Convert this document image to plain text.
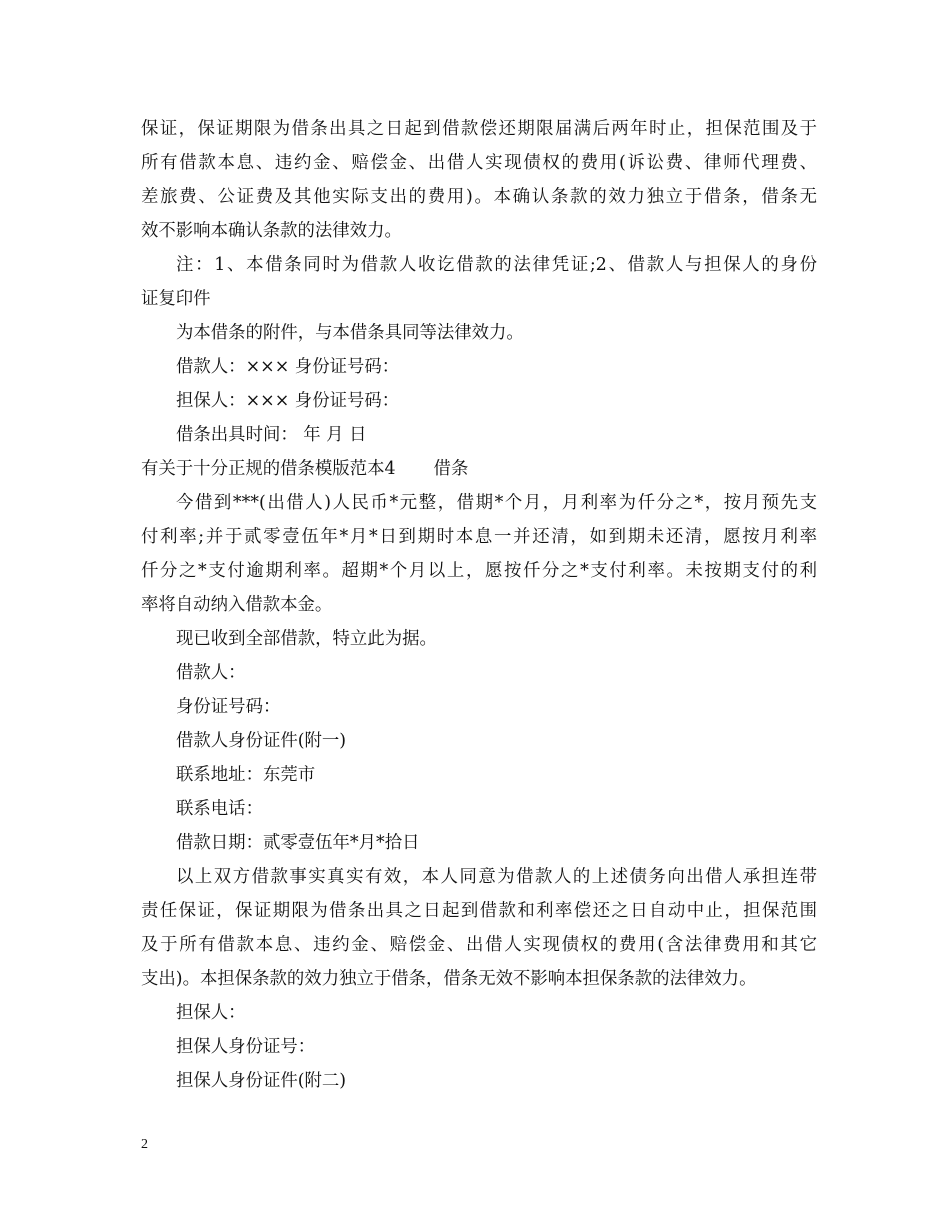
保证，保证期限为借条出具之日起到借款偿还期限届满后两年时止，担保范围及于
所有借款本息、违约金、赔偿金、出借人实现债权的费用(诉讼费、律师代理费、
差旅费、公证费及其他实际支出的费用)。本确认条款的效力独立于借条，借条无
效不影响本确认条款的法律效力。
注：1、本借条同时为借款人收讫借款的法律凭证;2、借款人与担保人的身份
证复印件
为本借条的附件，与本借条具同等法律效力。
借款人：××× 身份证号码：
担保人：××× 身份证号码：
借条出具时间： 年 月 日
有关于十分正规的借条模版范本4 借条
今借到***(出借人)人民币*元整，借期*个月，月利率为仟分之*，按月预先支
付利率;并于贰零壹伍年*月*日到期时本息一并还清，如到期未还清，愿按月利率
仟分之*支付逾期利率。超期*个月以上，愿按仟分之*支付利率。未按期支付的利
率将自动纳入借款本金。
现已收到全部借款，特立此为据。
借款人：
身份证号码：
借款人身份证件(附一)
联系地址：东莞市
联系电话：
借款日期：贰零壹伍年*月*拾日
以上双方借款事实真实有效，本人同意为借款人的上述债务向出借人承担连带
责任保证，保证期限为借条出具之日起到借款和利率偿还之日自动中止，担保范围
及于所有借款本息、违约金、赔偿金、出借人实现债权的费用(含法律费用和其它
支出)。本担保条款的效力独立于借条，借条无效不影响本担保条款的法律效力。
担保人：
担保人身份证号：
担保人身份证件(附二)
2
